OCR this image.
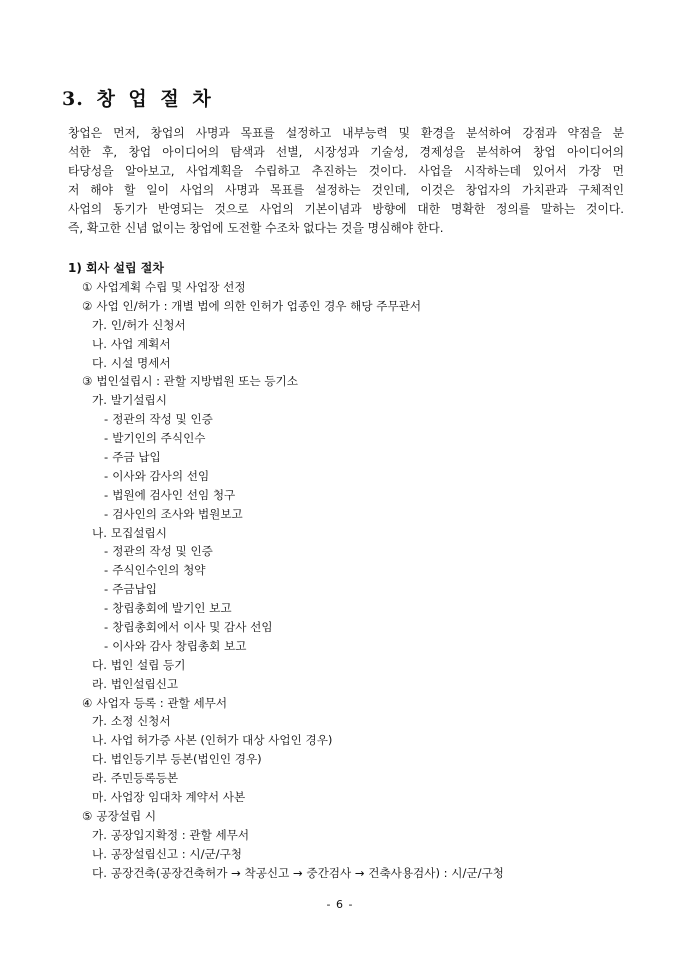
3. 창 업 절 차
창업은 먼저, 창업의 사명과 목표를 설정하고 내부능력 및 환경을 분석하여 강점과 약점을 분
석한 후, 창업 아이디어의 탐색과 선별, 시장성과 기술성, 경제성을 분석하여 창업 아이디어의
타당성을 알아보고, 사업계획을 수립하고 추진하는 것이다. 사업을 시작하는데 있어서 가장 먼
저 해야 할 일이 사업의 사명과 목표를 설정하는 것인데, 이것은 창업자의 가치관과 구체적인
사업의 동기가 반영되는 것으로 사업의 기본이념과 방향에 대한 명확한 정의를 말하는 것이다.
즉, 확고한 신념 없이는 창업에 도전할 수조차 없다는 것을 명심해야 한다.
1) 회사 설립 절차
① 사업계획 수립 및 사업장 선정
② 사업 인/허가 : 개별 법에 의한 인허가 업종인 경우 해당 주무관서
가. 인/허가 신청서
나. 사업 계획서
다. 시설 명세서
③ 법인설립시 : 관할 지방법원 또는 등기소
가. 발기설립시
- 정관의 작성 및 인증
- 발기인의 주식인수
- 주금 납입
- 이사와 감사의 선임
- 법원에 검사인 선임 청구
- 검사인의 조사와 법원보고
나. 모집설립시
- 정관의 작성 및 인증
- 주식인수인의 청약
- 주금납입
- 창립총회에 발기인 보고
- 창립총회에서 이사 및 감사 선임
- 이사와 감사 창립총회 보고
다. 법인 설립 등기
라. 법인설립신고
④ 사업자 등록 : 관할 세무서
가. 소정 신청서
나. 사업 허가증 사본 (인허가 대상 사업인 경우)
다. 법인등기부 등본(법인인 경우)
라. 주민등록등본
마. 사업장 임대차 계약서 사본
⑤ 공장설립 시
가. 공장입지확정 : 관할 세무서
나. 공장설립신고 : 시/군/구청
다. 공장건축(공장건축허가 → 착공신고 → 중간검사 → 건축사용검사) : 시/군/구청
- 6 -
